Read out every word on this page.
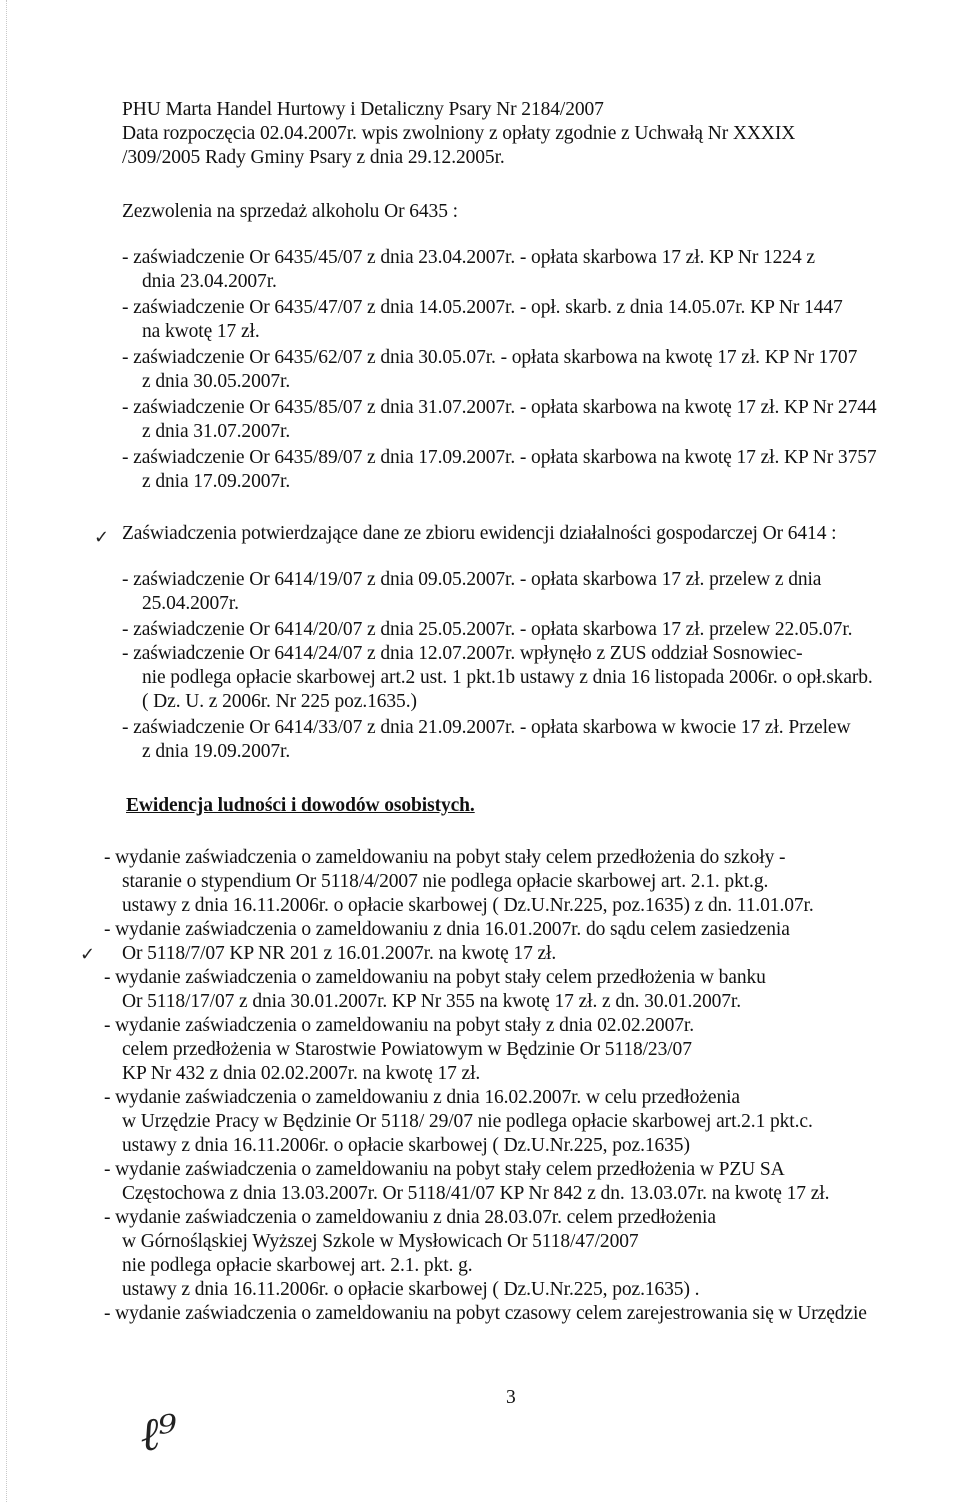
PHU Marta Handel Hurtowy i Detaliczny Psary Nr 2184/2007

Data rozpoczęcia 02.04.2007r. wpis zwolniony z opłaty zgodnie z Uchwałą Nr XXXIX

/309/2005 Rady Gminy Psary z dnia 29.12.2005r.

Zezwolenia na sprzedaż alkoholu Or 6435 :

- zaświadczenie Or 6435/45/07 z dnia 23.04.2007r. - opłata skarbowa 17 zł. KP Nr 1224 z

dnia 23.04.2007r.

- zaświadczenie Or 6435/47/07 z dnia 14.05.2007r. - opł. skarb. z dnia 14.05.07r. KP Nr 1447

na kwotę 17 zł.

- zaświadczenie Or 6435/62/07 z dnia 30.05.07r. - opłata skarbowa na kwotę 17 zł. KP Nr 1707

z dnia 30.05.2007r.

- zaświadczenie Or 6435/85/07 z dnia 31.07.2007r. - opłata skarbowa na kwotę 17 zł. KP Nr 2744

z dnia 31.07.2007r.

- zaświadczenie Or 6435/89/07 z dnia 17.09.2007r. - opłata skarbowa na kwotę 17 zł. KP Nr 3757

z dnia 17.09.2007r.

✓ Zaświadczenia potwierdzające dane ze zbioru ewidencji działalności gospodarczej Or 6414 :

- zaświadczenie Or 6414/19/07 z dnia 09.05.2007r. - opłata skarbowa 17 zł. przelew z dnia

25.04.2007r.

- zaświadczenie Or 6414/20/07 z dnia 25.05.2007r. - opłata skarbowa 17 zł. przelew 22.05.07r.

- zaświadczenie Or 6414/24/07 z dnia 12.07.2007r. wpłynęło z ZUS oddział Sosnowiec-

nie podlega opłacie skarbowej art.2 ust. 1 pkt.1b ustawy z dnia 16 listopada 2006r. o opł.skarb.

( Dz. U. z 2006r. Nr 225 poz.1635.)

- zaświadczenie Or 6414/33/07 z dnia 21.09.2007r. - opłata skarbowa w kwocie 17 zł. Przelew

z dnia 19.09.2007r.

Ewidencja ludności i dowodów osobistych.

- wydanie zaświadczenia o zameldowaniu na pobyt stały celem przedłożenia do szkoły -

staranie o stypendium Or 5118/4/2007 nie podlega opłacie skarbowej art. 2.1. pkt.g.

ustawy z dnia 16.11.2006r. o opłacie skarbowej ( Dz.U.Nr.225, poz.1635) z dn. 11.01.07r.

- wydanie zaświadczenia o zameldowaniu z dnia 16.01.2007r. do sądu celem zasiedzenia

✓ Or 5118/7/07 KP NR 201 z 16.01.2007r. na kwotę 17 zł.

- wydanie zaświadczenia o zameldowaniu na pobyt stały celem przedłożenia w banku

Or 5118/17/07 z dnia 30.01.2007r. KP Nr 355 na kwotę 17 zł. z dn. 30.01.2007r.

- wydanie zaświadczenia o zameldowaniu na pobyt stały z dnia 02.02.2007r.

celem przedłożenia w Starostwie Powiatowym w Będzinie Or 5118/23/07

KP Nr 432 z dnia 02.02.2007r. na kwotę 17 zł.

- wydanie zaświadczenia o zameldowaniu z dnia 16.02.2007r. w celu przedłożenia

w Urzędzie Pracy w Będzinie Or 5118/ 29/07 nie podlega opłacie skarbowej art.2.1 pkt.c.

ustawy z dnia 16.11.2006r. o opłacie skarbowej ( Dz.U.Nr.225, poz.1635)

- wydanie zaświadczenia o zameldowaniu na pobyt stały celem przedłożenia w PZU SA

Częstochowa z dnia 13.03.2007r. Or 5118/41/07 KP Nr 842 z dn. 13.03.07r. na kwotę 17 zł.

- wydanie zaświadczenia o zameldowaniu z dnia 28.03.07r. celem przedłożenia

w Górnośląskiej Wyższej Szkole w Mysłowicach Or 5118/47/2007

nie podlega opłacie skarbowej art. 2.1. pkt. g.

ustawy z dnia 16.11.2006r. o opłacie skarbowej ( Dz.U.Nr.225, poz.1635) .

- wydanie zaświadczenia o zameldowaniu na pobyt czasowy celem zarejestrowania się w Urzędzie

3

ℓ⁹
